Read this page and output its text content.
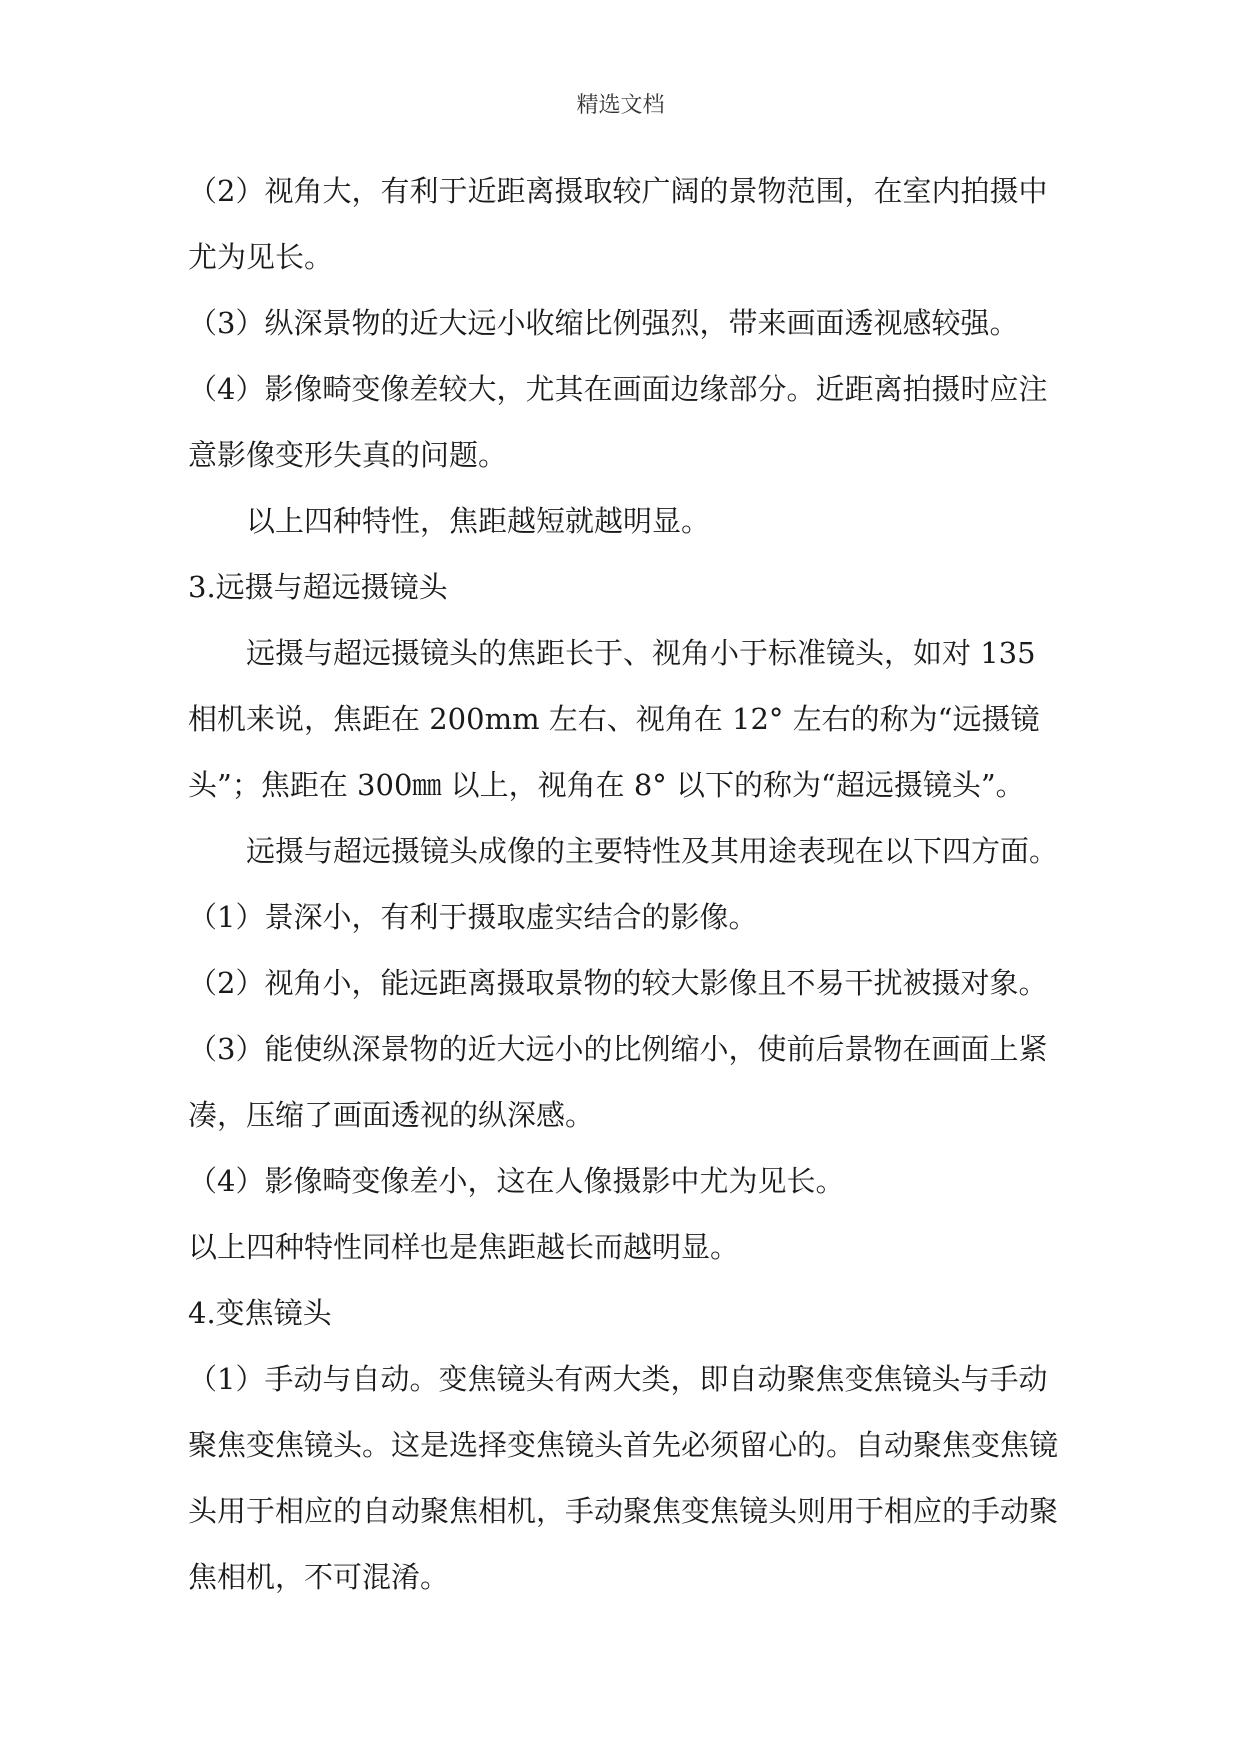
精选文档

（2）视角大，有利于近距离摄取较广阔的景物范围，在室内拍摄中尤为见长。

（3）纵深景物的近大远小收缩比例强烈，带来画面透视感较强。

（4）影像畸变像差较大，尤其在画面边缘部分。近距离拍摄时应注意影像变形失真的问题。

以上四种特性，焦距越短就越明显。

3.远摄与超远摄镜头

远摄与超远摄镜头的焦距长于、视角小于标准镜头，如对 135 相机来说，焦距在 200mm 左右、视角在 12° 左右的称为“远摄镜头”；焦距在 300㎜ 以上，视角在 8° 以下的称为“超远摄镜头”。

远摄与超远摄镜头成像的主要特性及其用途表现在以下四方面。

（1）景深小，有利于摄取虚实结合的影像。

（2）视角小，能远距离摄取景物的较大影像且不易干扰被摄对象。

（3）能使纵深景物的近大远小的比例缩小，使前后景物在画面上紧凑，压缩了画面透视的纵深感。

（4）影像畸变像差小，这在人像摄影中尤为见长。

以上四种特性同样也是焦距越长而越明显。

4.变焦镜头

（1）手动与自动。变焦镜头有两大类，即自动聚焦变焦镜头与手动聚焦变焦镜头。这是选择变焦镜头首先必须留心的。自动聚焦变焦镜头用于相应的自动聚焦相机，手动聚焦变焦镜头则用于相应的手动聚焦相机，不可混淆。
